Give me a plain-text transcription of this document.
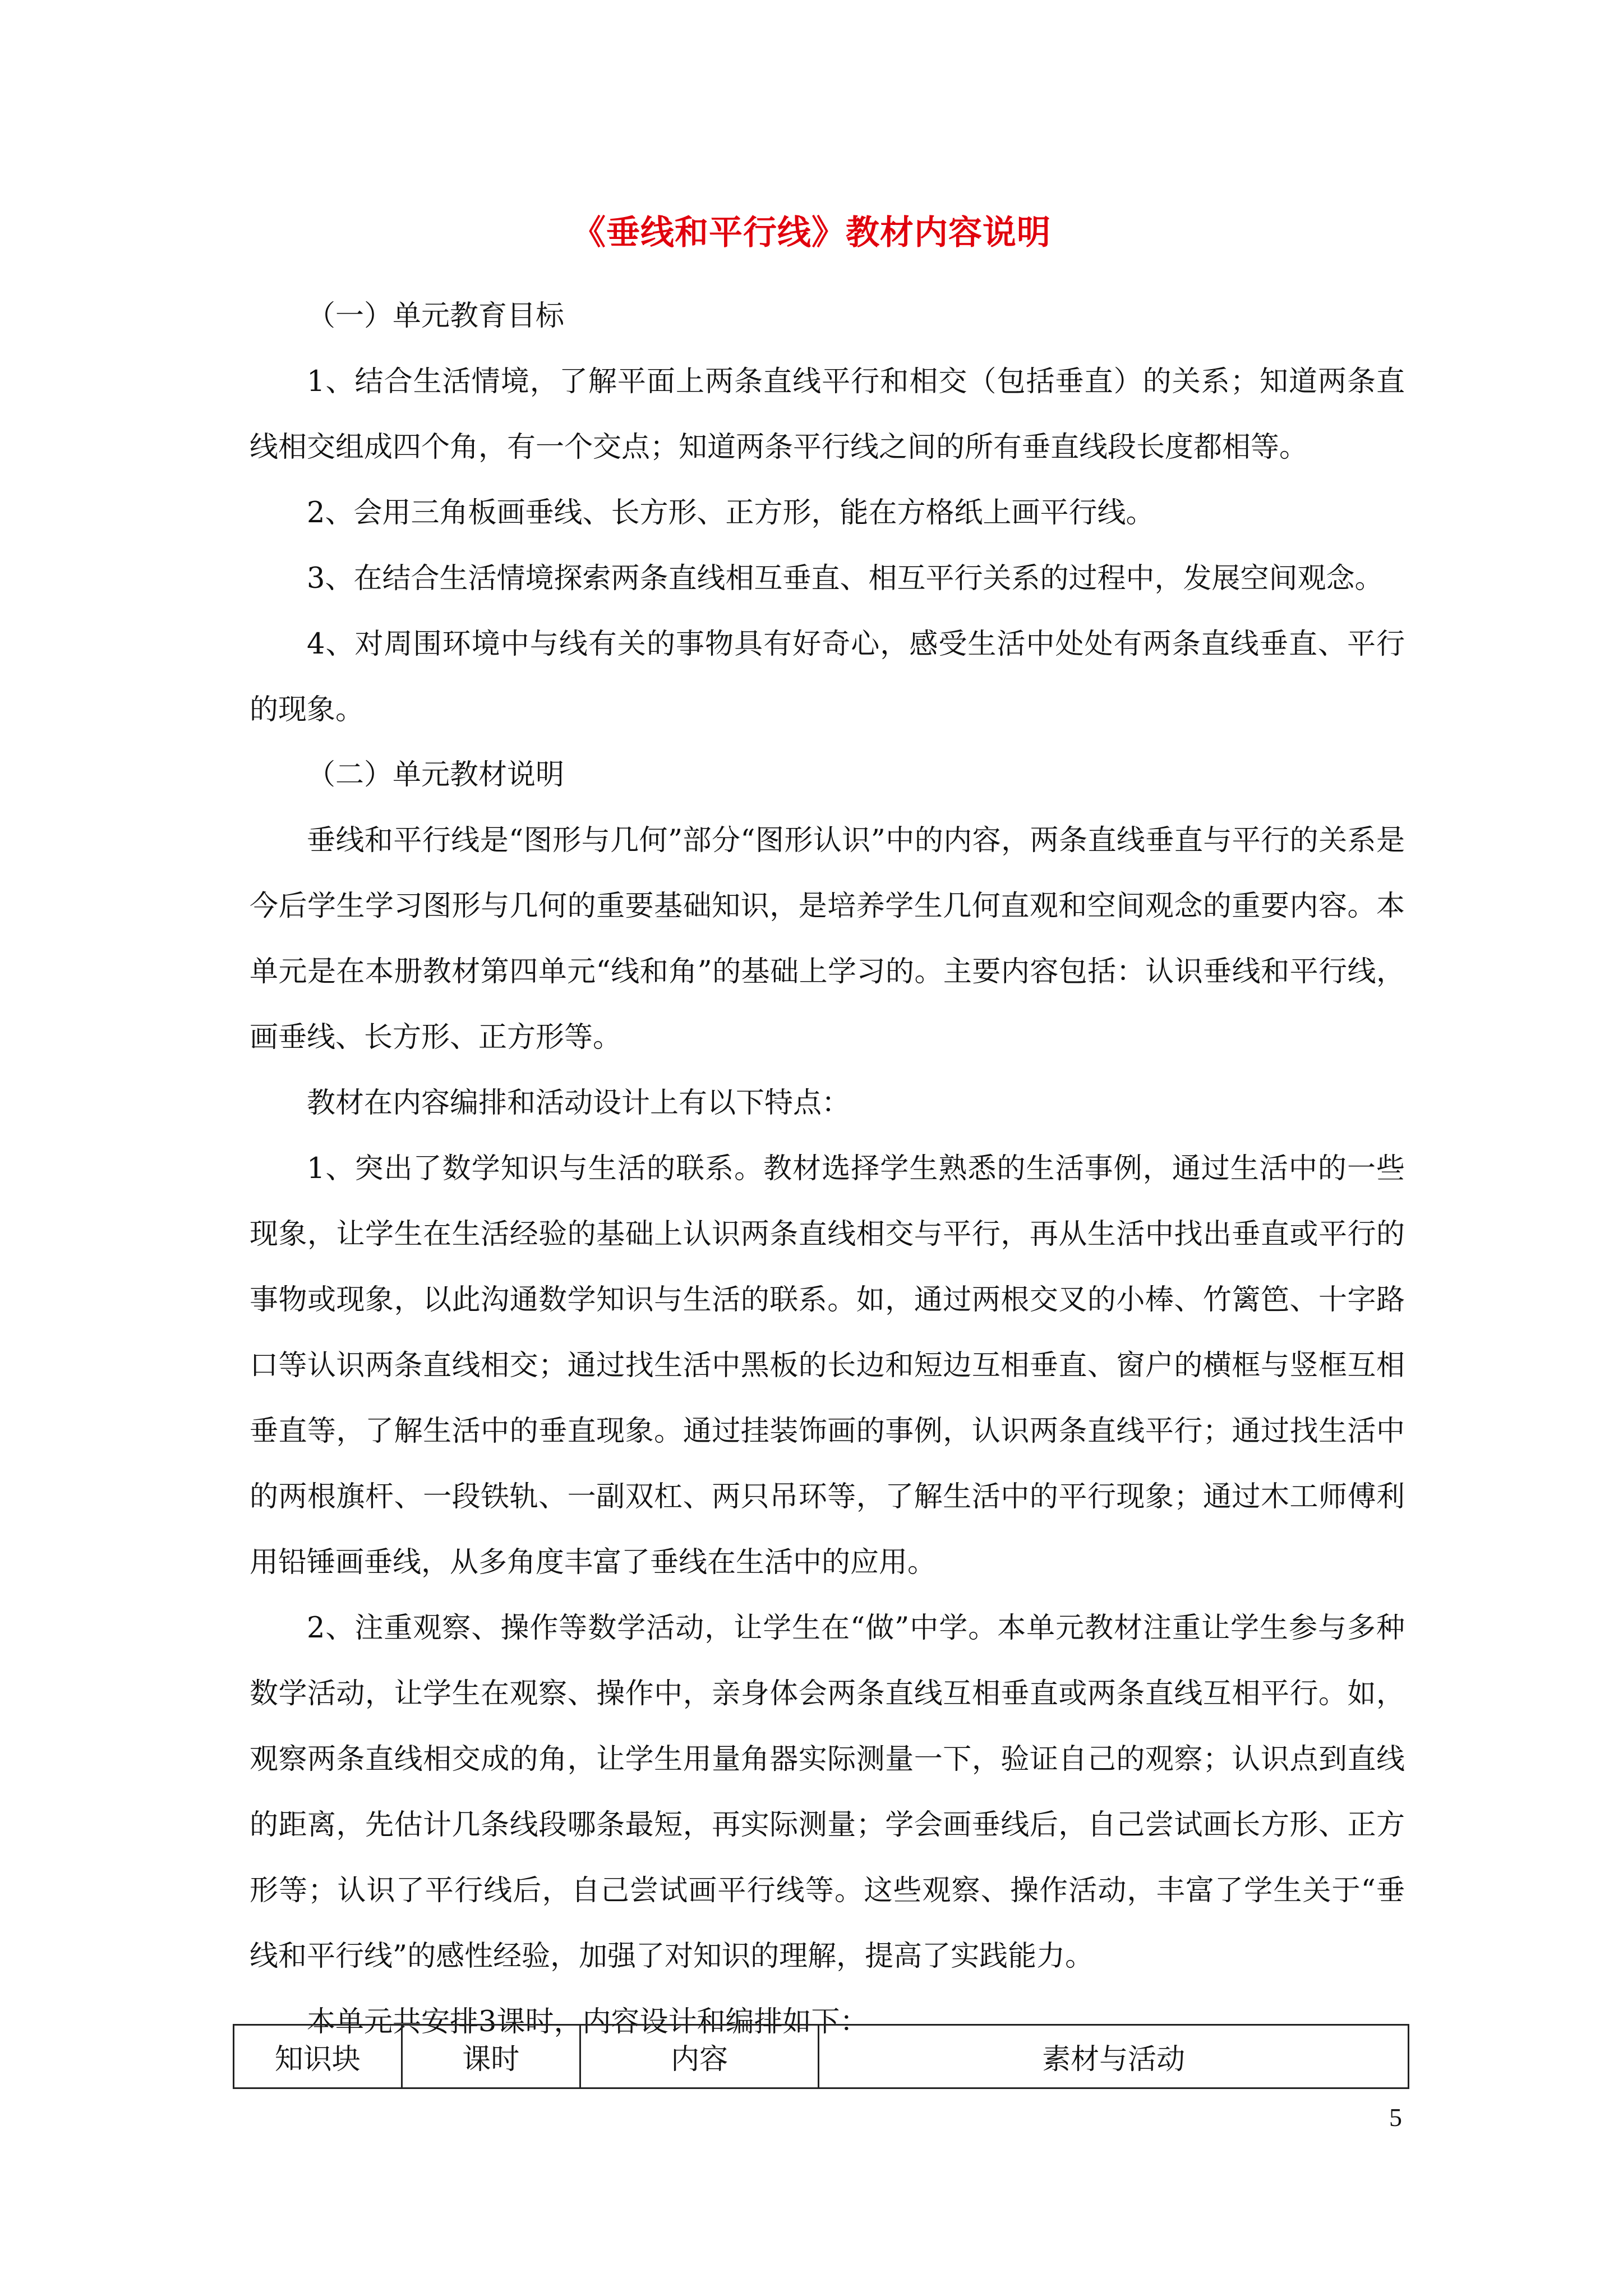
《垂线和平行线》教材内容说明

（一）单元教育目标

1、结合生活情境，了解平面上两条直线平行和相交（包括垂直）的关系；知道两条直线相交组成四个角，有一个交点；知道两条平行线之间的所有垂直线段长度都相等。

2、会用三角板画垂线、长方形、正方形，能在方格纸上画平行线。

3、在结合生活情境探索两条直线相互垂直、相互平行关系的过程中，发展空间观念。

4、对周围环境中与线有关的事物具有好奇心，感受生活中处处有两条直线垂直、平行的现象。

（二）单元教材说明

垂线和平行线是“图形与几何”部分“图形认识”中的内容，两条直线垂直与平行的关系是今后学生学习图形与几何的重要基础知识，是培养学生几何直观和空间观念的重要内容。本单元是在本册教材第四单元“线和角”的基础上学习的。主要内容包括：认识垂线和平行线，画垂线、长方形、正方形等。

教材在内容编排和活动设计上有以下特点：

1、突出了数学知识与生活的联系。教材选择学生熟悉的生活事例，通过生活中的一些现象，让学生在生活经验的基础上认识两条直线相交与平行，再从生活中找出垂直或平行的事物或现象，以此沟通数学知识与生活的联系。如，通过两根交叉的小棒、竹篱笆、十字路口等认识两条直线相交；通过找生活中黑板的长边和短边互相垂直、窗户的横框与竖框互相垂直等，了解生活中的垂直现象。通过挂装饰画的事例，认识两条直线平行；通过找生活中的两根旗杆、一段铁轨、一副双杠、两只吊环等，了解生活中的平行现象；通过木工师傅利用铅锤画垂线，从多角度丰富了垂线在生活中的应用。

2、注重观察、操作等数学活动，让学生在“做”中学。本单元教材注重让学生参与多种数学活动，让学生在观察、操作中，亲身体会两条直线互相垂直或两条直线互相平行。如，观察两条直线相交成的角，让学生用量角器实际测量一下，验证自己的观察；认识点到直线的距离，先估计几条线段哪条最短，再实际测量；学会画垂线后，自己尝试画长方形、正方形等；认识了平行线后，自己尝试画平行线等。这些观察、操作活动，丰富了学生关于“垂线和平行线”的感性经验，加强了对知识的理解，提高了实践能力。

本单元共安排3课时，内容设计和编排如下：

知识块	课时	内容	素材与活动
5
